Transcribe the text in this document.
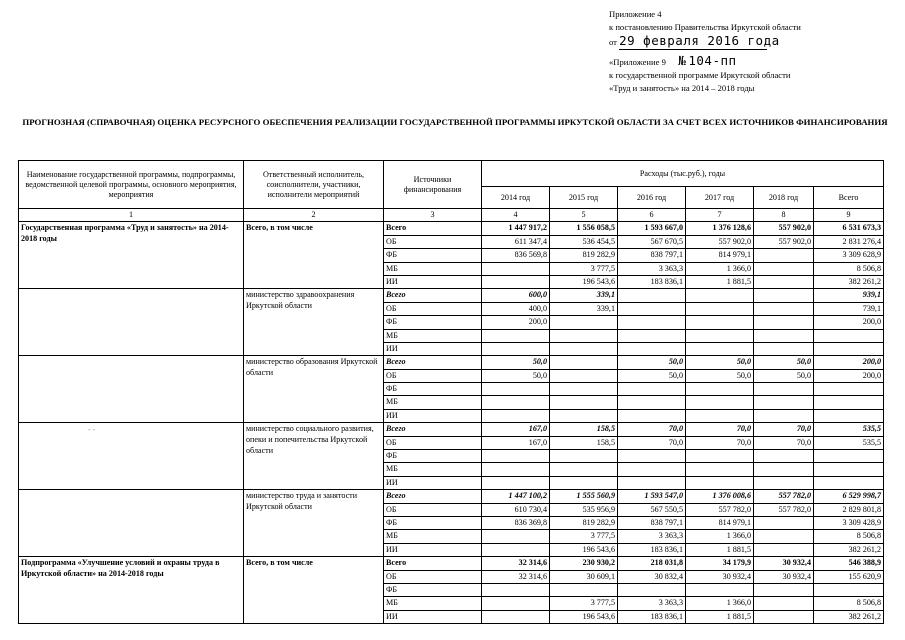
Приложение 4
к постановлению Правительства Иркутской области
от 29 февраля 2016 года
«Приложение 9 № 104-пп
к государственной программе Иркутской области
«Труд и занятость» на 2014 – 2018 годы
ПРОГНОЗНАЯ (СПРАВОЧНАЯ) ОЦЕНКА РЕСУРСНОГО ОБЕСПЕЧЕНИЯ РЕАЛИЗАЦИИ ГОСУДАРСТВЕННОЙ ПРОГРАММЫ ИРКУТСКОЙ ОБЛАСТИ ЗА СЧЕТ ВСЕХ ИСТОЧНИКОВ ФИНАНСИРОВАНИЯ
- -
Наименование государственной программы, подпрограммы, ведомственной целевой программы, основного мероприятия, мероприятия	Ответственный исполнитель, соисполнители, участники, исполнители мероприятий	Источники финансирования	Расходы (тыс.руб.), годы					
			2014 год	2015 год	2016 год	2017 год	2018 год	Всего
1	2	3	4	5	6	7	8	9
Государственная программа «Труд и занятость» на 2014-2018 годы	Всего, в том числе	Всего	1 447 917,2	1 556 058,5	1 593 667,0	1 376 128,6	557 902,0	6 531 673,3
		ОБ	611 347,4	536 454,5	567 670,5	557 902,0	557 902,0	2 831 276,4
		ФБ	836 569,8	819 282,9	838 797,1	814 979,1		3 309 628,9
		МБ		3 777,5	3 363,3	1 366,0		8 506,8
		ИИ		196 543,6	183 836,1	1 881,5		382 261,2
	министерство здравоохранения Иркутской области	Всего	600,0	339,1				939,1
		ОБ	400,0	339,1				739,1
		ФБ	200,0					200,0
		МБ						
		ИИ						
	министерство образования Иркутской области	Всего	50,0		50,0	50,0	50,0	200,0
		ОБ	50,0		50,0	50,0	50,0	200,0
		ФБ						
		МБ						
		ИИ						
	министерство социального развития, опеки и попечительства Иркутской области	Всего	167,0	158,5	70,0	70,0	70,0	535,5
		ОБ	167,0	158,5	70,0	70,0	70,0	535,5
		ФБ						
		МБ						
		ИИ						
	министерство труда и занятости Иркутской области	Всего	1 447 100,2	1 555 560,9	1 593 547,0	1 376 008,6	557 782,0	6 529 998,7
		ОБ	610 730,4	535 956,9	567 550,5	557 782,0	557 782,0	2 829 801,8
		ФБ	836 369,8	819 282,9	838 797,1	814 979,1		3 309 428,9
		МБ		3 777,5	3 363,3	1 366,0		8 506,8
		ИИ		196 543,6	183 836,1	1 881,5		382 261,2
Подпрограмма «Улучшение условий и охраны труда в Иркутской области» на 2014-2018 годы	Всего, в том числе	Всего	32 314,6	230 930,2	218 031,8	34 179,9	30 932,4	546 388,9
		ОБ	32 314,6	30 609,1	30 832,4	30 932,4	30 932,4	155 620,9
		ФБ						
		МБ		3 777,5	3 363,3	1 366,0		8 506,8
		ИИ		196 543,6	183 836,1	1 881,5		382 261,2
